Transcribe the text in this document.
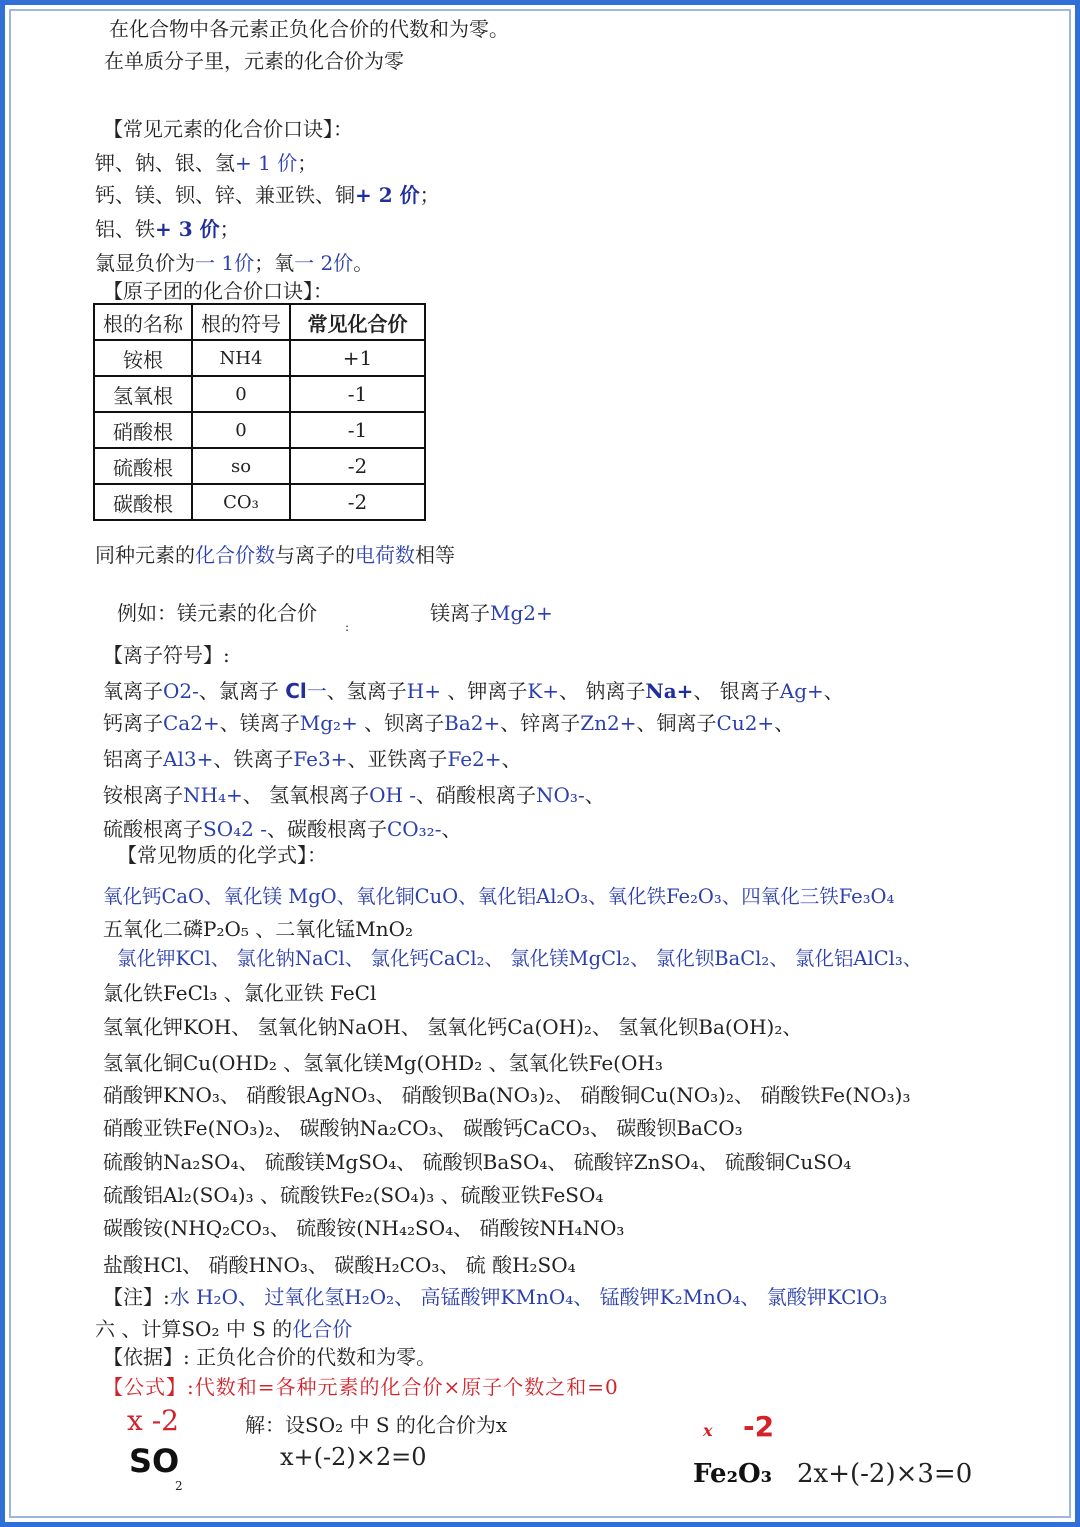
在化合物中各元素正负化合价的代数和为零。
在单质分子里，元素的化合价为零
【常见元素的化合价口诀】：
钾、钠、银、氢+ 1 价；
钙、镁、钡、锌、兼亚铁、铜+ 2 价；
铝、铁+ 3 价；
氯显负价为一 1价；氧一 2价。
【原子团的化合价口诀】：
根的名称	根的符号	常见化合价
铵根	NH4	+1
氢氧根	0	-1
硝酸根	0	-1
硫酸根	so	-2
碳酸根	CO₃	-2
同种元素的化合价数与离子的电荷数相等
例如：镁元素的化合价
:
镁离子Mg2+
【离子符号】:
氧离子O2-、氯离子 Cl一、氢离子H+ 、钾离子K+、 钠离子Na+、 银离子Ag+、
钙离子Ca2+、镁离子Mg₂+ 、钡离子Ba2+、锌离子Zn2+、铜离子Cu2+、
铝离子Al3+、铁离子Fe3+、亚铁离子Fe2+、
铵根离子NH₄+、 氢氧根离子OH -、硝酸根离子NO₃-、
硫酸根离子SO₄2 -、碳酸根离子CO₃₂-、
【常见物质的化学式】：
氧化钙CaO、氧化镁 MgO、氧化铜CuO、氧化铝Al₂O₃、氧化铁Fe₂O₃、四氧化三铁Fe₃O₄
五氧化二磷P₂O₅ 、二氧化锰MnO₂
氯化钾KCl、 氯化钠NaCl、 氯化钙CaCl₂、 氯化镁MgCl₂、 氯化钡BaCl₂、 氯化铝AlCl₃、
氯化铁FeCl₃ 、氯化亚铁 FeCl
氢氧化钾KOH、 氢氧化钠NaOH、 氢氧化钙Ca(OH)₂、 氢氧化钡Ba(OH)₂、
氢氧化铜Cu(OHD₂ 、氢氧化镁Mg(OHD₂ 、氢氧化铁Fe(OH₃
硝酸钾KNO₃、 硝酸银AgNO₃、 硝酸钡Ba(NO₃)₂、 硝酸铜Cu(NO₃)₂、 硝酸铁Fe(NO₃)₃
硝酸亚铁Fe(NO₃)₂、 碳酸钠Na₂CO₃、 碳酸钙CaCO₃、 碳酸钡BaCO₃
硫酸钠Na₂SO₄、 硫酸镁MgSO₄、 硫酸钡BaSO₄、 硫酸锌ZnSO₄、 硫酸铜CuSO₄
硫酸铝Al₂(SO₄)₃ 、硫酸铁Fe₂(SO₄)₃ 、硫酸亚铁FeSO₄
碳酸铵(NHQ₂CO₃、 硫酸铵(NH₄₂SO₄、 硝酸铵NH₄NO₃
盐酸HCl、 硝酸HNO₃、 碳酸H₂CO₃、 硫 酸H₂SO₄
【注】:水 H₂O、 过氧化氢H₂O₂、 高锰酸钾KMnO₄、 锰酸钾K₂MnO₄、 氯酸钾KClO₃
六 、计算SO₂ 中 S 的化合价
【依据】: 正负化合价的代数和为零。
【公式】:代数和=各种元素的化合价×原子个数之和=0
x -2
SO
2
解：设SO₂ 中 S 的化合价为x
x+(-2)×2=0
x -2
Fe₂O₃ 2x+(-2)×3=0
